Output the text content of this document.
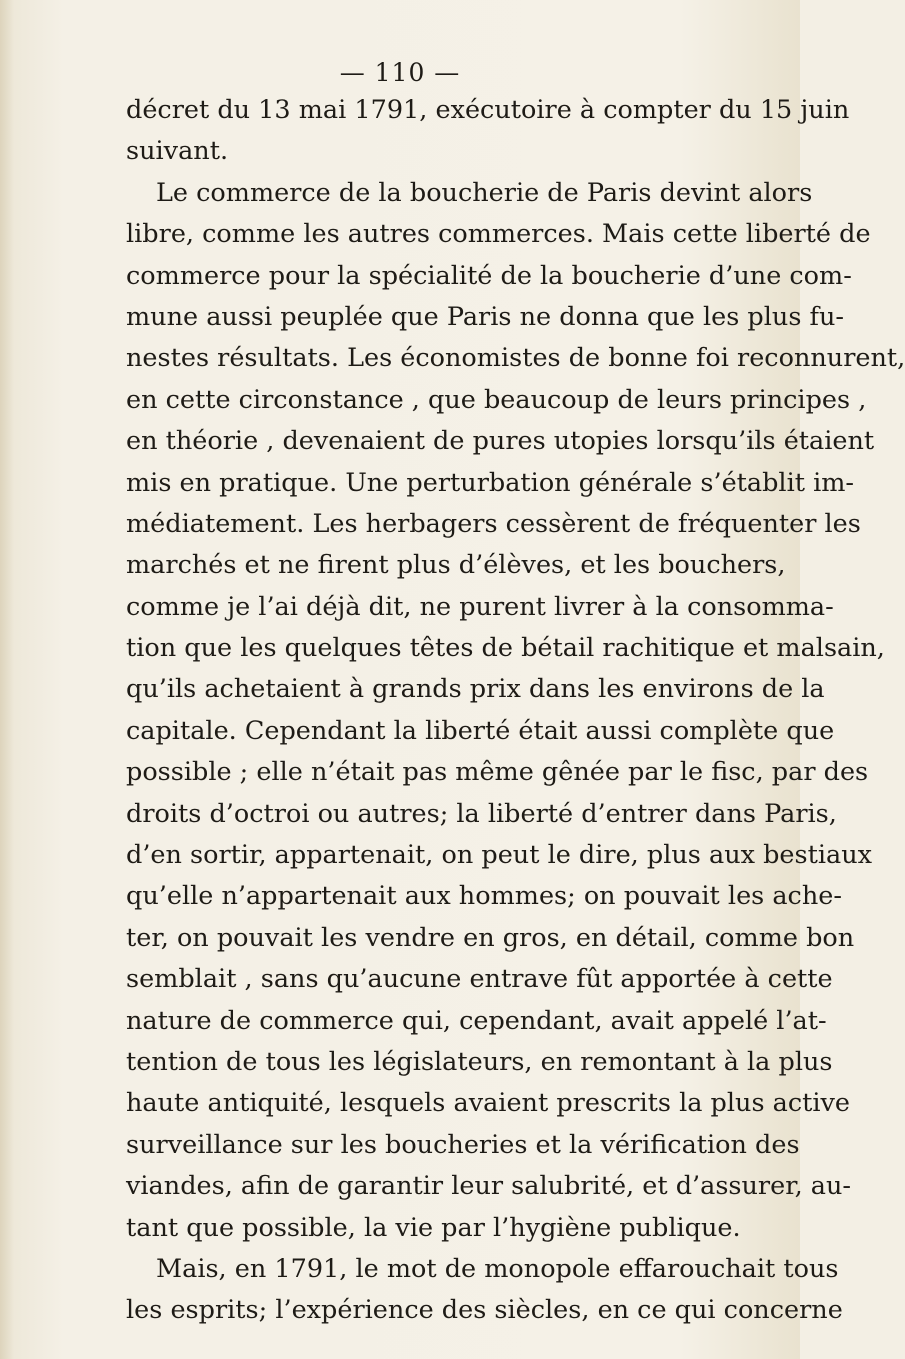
— 110 —
décret du 13 mai 1791, exécutoire à compter du 15 juin
suivant.
Le commerce de la boucherie de Paris devint alors
libre, comme les autres commerces. Mais cette liberté de
commerce pour la spécialité de la boucherie d’une com-
mune aussi peuplée que Paris ne donna que les plus fu-
nestes résultats. Les économistes de bonne foi reconnurent,
en cette circonstance , que beaucoup de leurs principes ,
en théorie , devenaient de pures utopies lorsqu’ils étaient
mis en pratique. Une perturbation générale s’établit im-
médiatement. Les herbagers cessèrent de fréquenter les
marchés et ne firent plus d’élèves, et les bouchers,
comme je l’ai déjà dit, ne purent livrer à la consomma-
tion que les quelques têtes de bétail rachitique et malsain,
qu’ils achetaient à grands prix dans les environs de la
capitale. Cependant la liberté était aussi complète que
possible ; elle n’était pas même gênée par le fisc, par des
droits d’octroi ou autres; la liberté d’entrer dans Paris,
d’en sortir, appartenait, on peut le dire, plus aux bestiaux
qu’elle n’appartenait aux hommes; on pouvait les ache-
ter, on pouvait les vendre en gros, en détail, comme bon
semblait , sans qu’aucune entrave fût apportée à cette
nature de commerce qui, cependant, avait appelé l’at-
tention de tous les législateurs, en remontant à la plus
haute antiquité, lesquels avaient prescrits la plus active
surveillance sur les boucheries et la vérification des
viandes, afin de garantir leur salubrité, et d’assurer, au-
tant que possible, la vie par l’hygiène publique.
Mais, en 1791, le mot de monopole effarouchait tous
les esprits; l’expérience des siècles, en ce qui concerne
